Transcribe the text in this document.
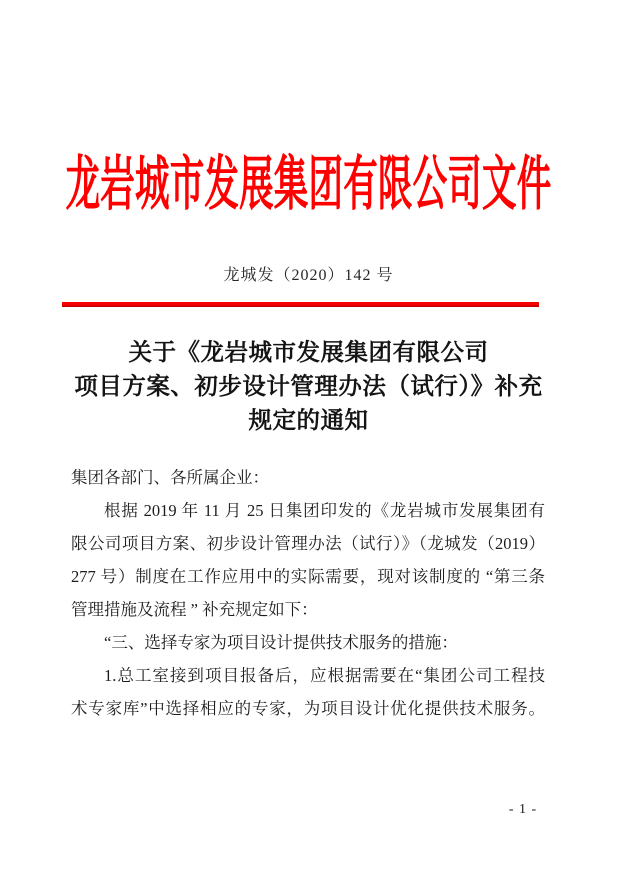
龙岩城市发展集团有限公司文件
龙城发（2020）142 号
关于《龙岩城市发展集团有限公司
项目方案、初步设计管理办法（试行）》补充
规定的通知
集团各部门、各所属企业：
根据 2019 年 11 月 25 日集团印发的《龙岩城市发展集团有
限公司项目方案、初步设计管理办法（试行）》（龙城发（2019）
277 号）制度在工作应用中的实际需要，现对该制度的 “第三条
管理措施及流程 ” 补充规定如下：
“三、选择专家为项目设计提供技术服务的措施：
1.总工室接到项目报备后，应根据需要在“集团公司工程技
术专家库”中选择相应的专家，为项目设计优化提供技术服务。
- 1 -
